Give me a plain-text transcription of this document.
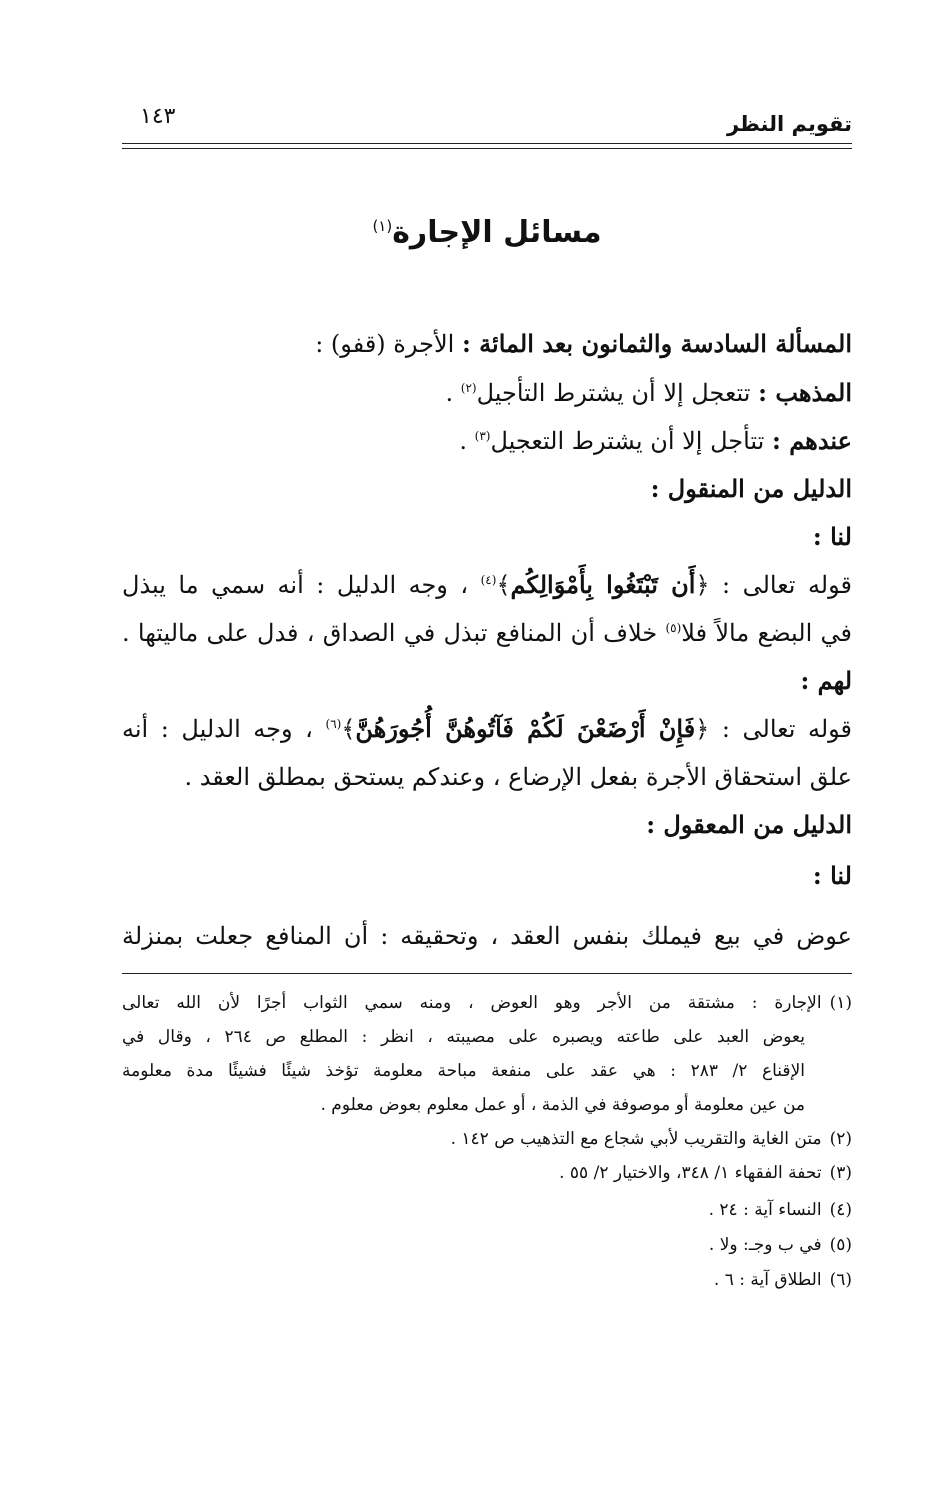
تقويم النظر
١٤٣
مسائل الإجارة$^{(١)}$
المسألة السادسة والثمانون بعد المائة : الأجرة (قفو) :
المذهب : تتعجل إلا أن يشترط التأجيل$^{(٢)}$ .
عندهم : تتأجل إلا أن يشترط التعجيل$^{(٣)}$ .
الدليل من المنقول :
لنا :
قوله تعالى : ﴿أَن تَبْتَغُوا بِأَمْوَالِكُم﴾$^{(٤)}$ ، وجه الدليل : أنه سمي ما يبذل
في البضع مالاً فلا$^{(٥)}$ خلاف أن المنافع تبذل في الصداق ، فدل على ماليتها .
لهم :
قوله تعالى : ﴿فَإِنْ أَرْضَعْنَ لَكُمْ فَآتُوهُنَّ أُجُورَهُنَّ﴾$^{(٦)}$ ، وجه الدليل : أنه
علق استحقاق الأجرة بفعل الإرضاع ، وعندكم يستحق بمطلق العقد .
الدليل من المعقول :
لنا :
عوض في بيع فيملك بنفس العقد ، وتحقيقه : أن المنافع جعلت بمنزلة
(١)الإجارة : مشتقة من الأجر وهو العوض ، ومنه سمي الثواب أجرًا لأن الله تعالى
يعوض العبد على طاعته ويصبره على مصيبته ، انظر : المطلع ص ٢٦٤ ، وقال في
الإقناع ٢/ ٢٨٣ : هي عقد على منفعة مباحة معلومة تؤخذ شيئًا فشيئًا مدة معلومة
من عين معلومة أو موصوفة في الذمة ، أو عمل معلوم بعوض معلوم .
(٢)متن الغاية والتقريب لأبي شجاع مع التذهيب ص ١٤٢ .
(٣)تحفة الفقهاء ١/ ٣٤٨، والاختيار ٢/ ٥٥ .
(٤)النساء آية : ٢٤ .
(٥)في ب وجـ: ولا .
(٦)الطلاق آية : ٦ .
